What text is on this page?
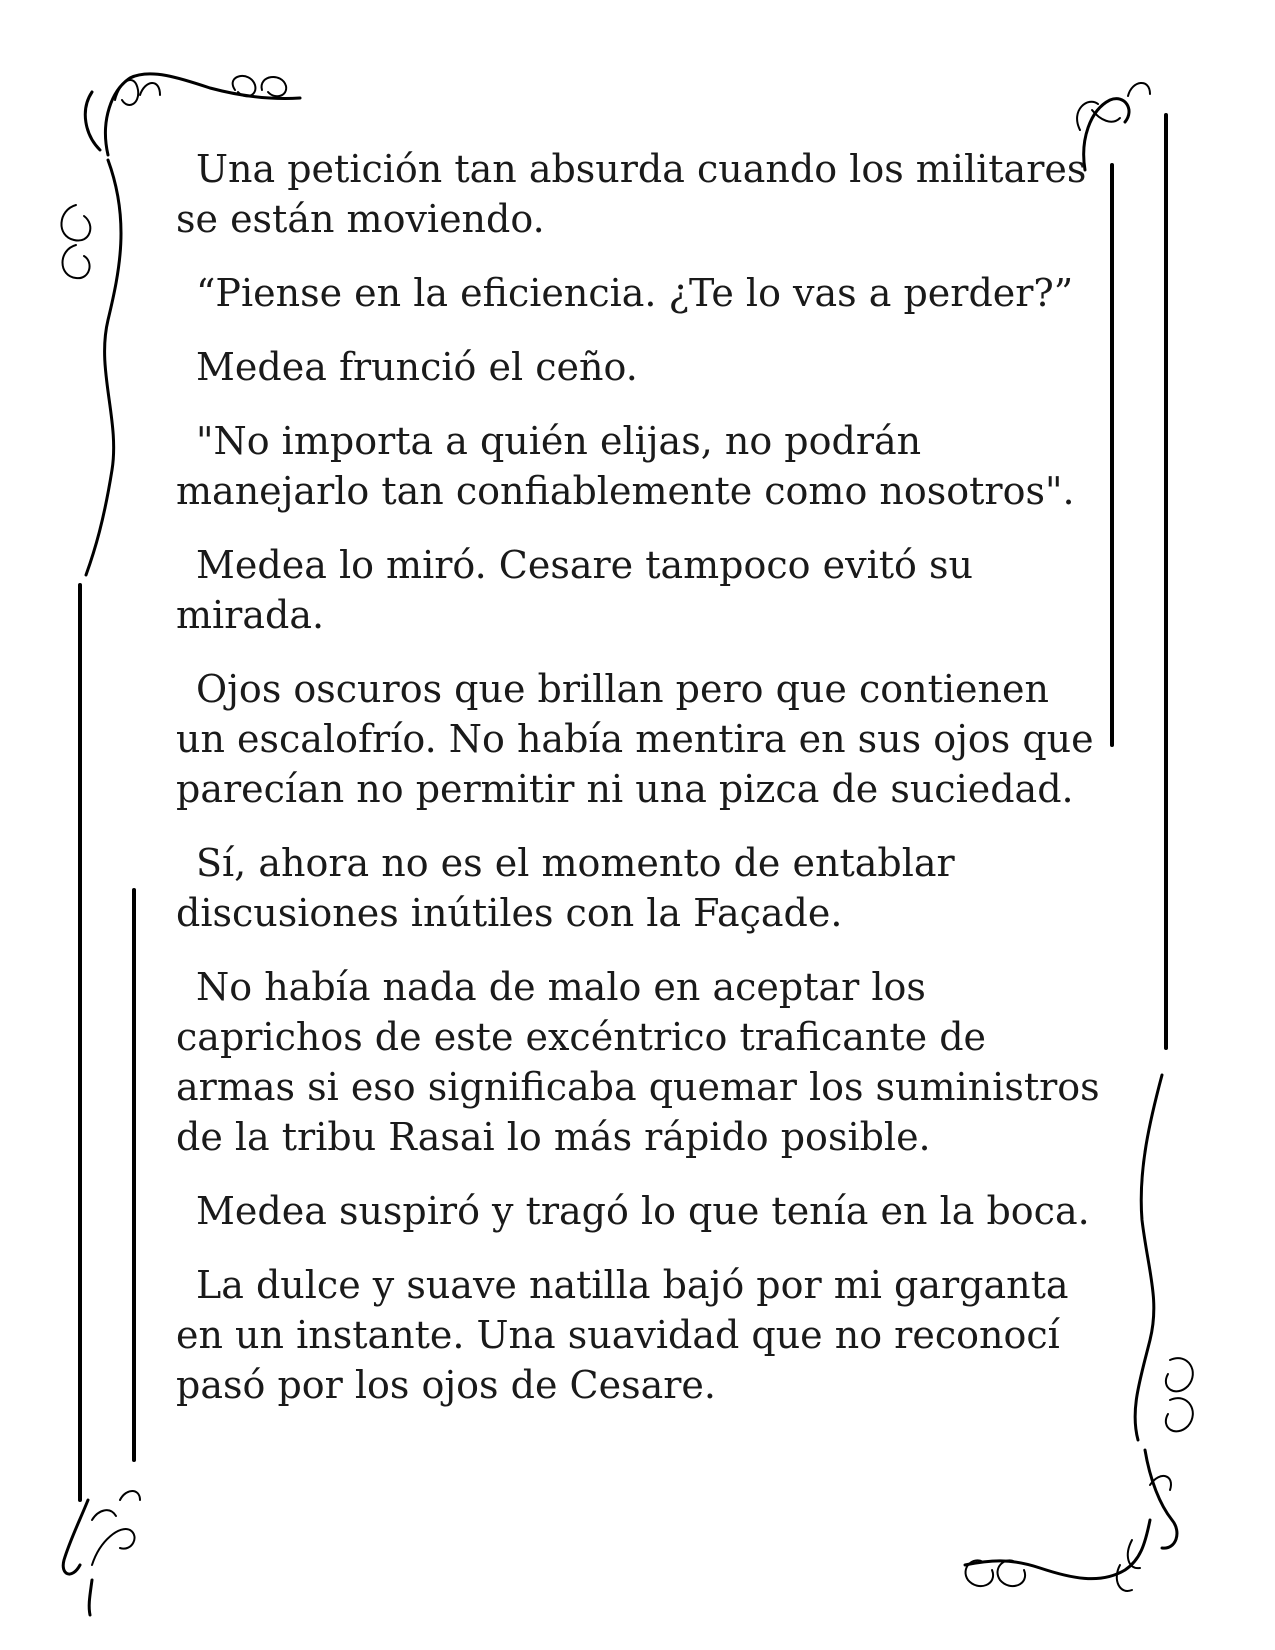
Una petición tan absurda cuando los militares se están moviendo.

“Piense en la eficiencia. ¿Te lo vas a perder?”

Medea frunció el ceño.

"No importa a quién elijas, no podrán manejarlo tan confiablemente como nosotros".

Medea lo miró. Cesare tampoco evitó su mirada.

Ojos oscuros que brillan pero que contienen un escalofrío. No había mentira en sus ojos que parecían no permitir ni una pizca de suciedad.

Sí, ahora no es el momento de entablar discusiones inútiles con la Façade.

No había nada de malo en aceptar los caprichos de este excéntrico traficante de armas si eso significaba quemar los suministros de la tribu Rasai lo más rápido posible.

Medea suspiró y tragó lo que tenía en la boca.

La dulce y suave natilla bajó por mi garganta en un instante. Una suavidad que no reconocí pasó por los ojos de Cesare.
